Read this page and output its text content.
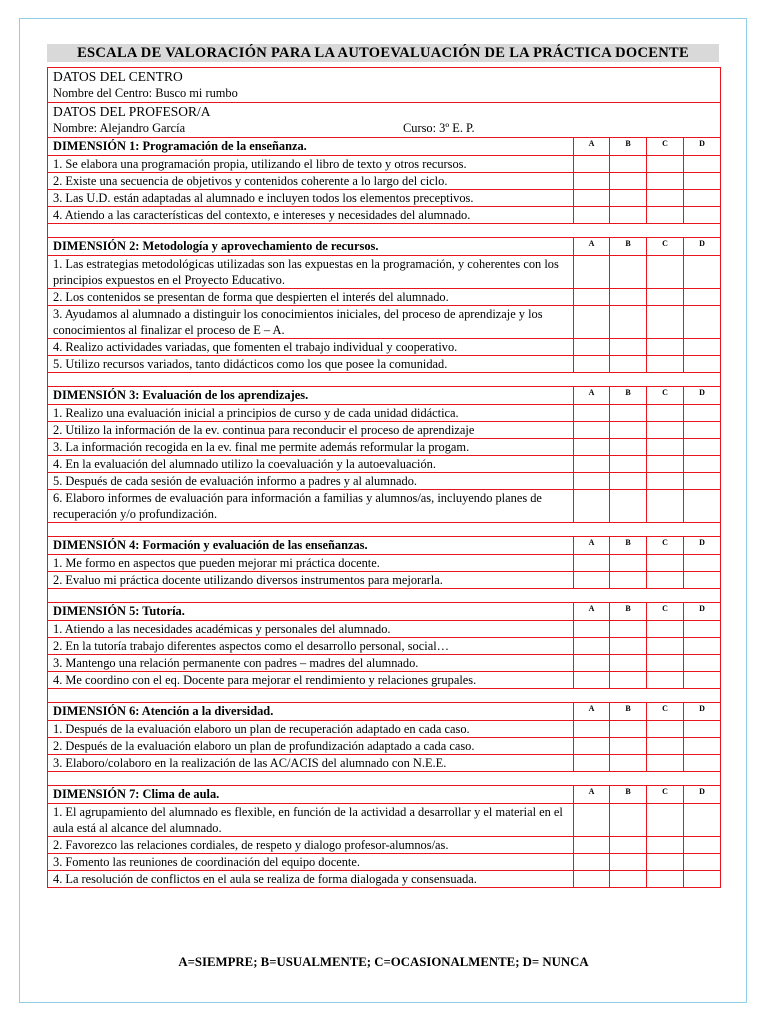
ESCALA DE VALORACIÓN PARA LA AUTOEVALUACIÓN DE LA PRÁCTICA DOCENTE
DATOS DEL CENTRO
Nombre del Centro: Busco mi rumbo				

DATOS DEL PROFESOR/A
Nombre: Alejandro García Curso: 3º E. P.				

DIMENSIÓN 1: Programación de la enseñanza.	A	B	C	D
1. Se elabora una programación propia, utilizando el libro de texto y otros recursos.				
2. Existe una secuencia de objetivos y contenidos coherente a lo largo del ciclo.				
3. Las U.D. están adaptadas al alumnado e incluyen todos los elementos preceptivos.				
4. Atiendo a las características del contexto, e intereses y necesidades del alumnado.				

DIMENSIÓN 2: Metodología y aprovechamiento de recursos.	A	B	C	D
1. Las estrategias metodológicas utilizadas son las expuestas en la programación, y coherentes con los principios expuestos en el Proyecto Educativo.				
2. Los contenidos se presentan de forma que despierten el interés del alumnado.				
3. Ayudamos al alumnado a distinguir los conocimientos iniciales, del proceso de aprendizaje y los conocimientos al finalizar el proceso de E – A.				
4. Realizo actividades variadas, que fomenten el trabajo individual y cooperativo.				
5. Utilizo recursos variados, tanto didácticos como los que posee la comunidad.				

DIMENSIÓN 3: Evaluación de los aprendizajes.	A	B	C	D
1. Realizo una evaluación inicial a principios de curso y de cada unidad didáctica.				
2. Utilizo la información de la ev. continua para reconducir el proceso de aprendizaje				
3. La información recogida en la ev. final me permite además reformular la progam.				
4. En la evaluación del alumnado utilizo la coevaluación y la autoevaluación.				
5. Después de cada sesión de evaluación informo a padres y al alumnado.				
6. Elaboro informes de evaluación para información a familias y alumnos/as, incluyendo planes de recuperación y/o profundización.				

DIMENSIÓN 4: Formación y evaluación de las enseñanzas.	A	B	C	D
1. Me formo en aspectos que pueden mejorar mi práctica docente.				
2. Evaluo mi práctica docente utilizando diversos instrumentos para mejorarla.				

DIMENSIÓN 5: Tutoría.	A	B	C	D
1. Atiendo a las necesidades académicas y personales del alumnado.				
2. En la tutoría trabajo diferentes aspectos como el desarrollo personal, social…				
3. Mantengo una relación permanente con padres – madres del alumnado.				
4. Me coordino con el eq. Docente para mejorar el rendimiento y relaciones grupales.				

DIMENSIÓN 6: Atención a la diversidad.	A	B	C	D
1. Después de la evaluación elaboro un plan de recuperación adaptado en cada caso.				
2. Después de la evaluación elaboro un plan de profundización adaptado a cada caso.				
3. Elaboro/colaboro en la realización de las AC/ACIS del alumnado con N.E.E.				

DIMENSIÓN 7: Clima de aula.	A	B	C	D
1. El agrupamiento del alumnado es flexible, en función de la actividad a desarrollar y el material en el aula está al alcance del alumnado.				
2. Favorezco las relaciones cordiales, de respeto y dialogo profesor-alumnos/as.				
3. Fomento las reuniones de coordinación del equipo docente.				
4. La resolución de conflictos en el aula se realiza de forma dialogada y consensuada.				
A=SIEMPRE; B=USUALMENTE; C=OCASIONALMENTE; D= NUNCA
